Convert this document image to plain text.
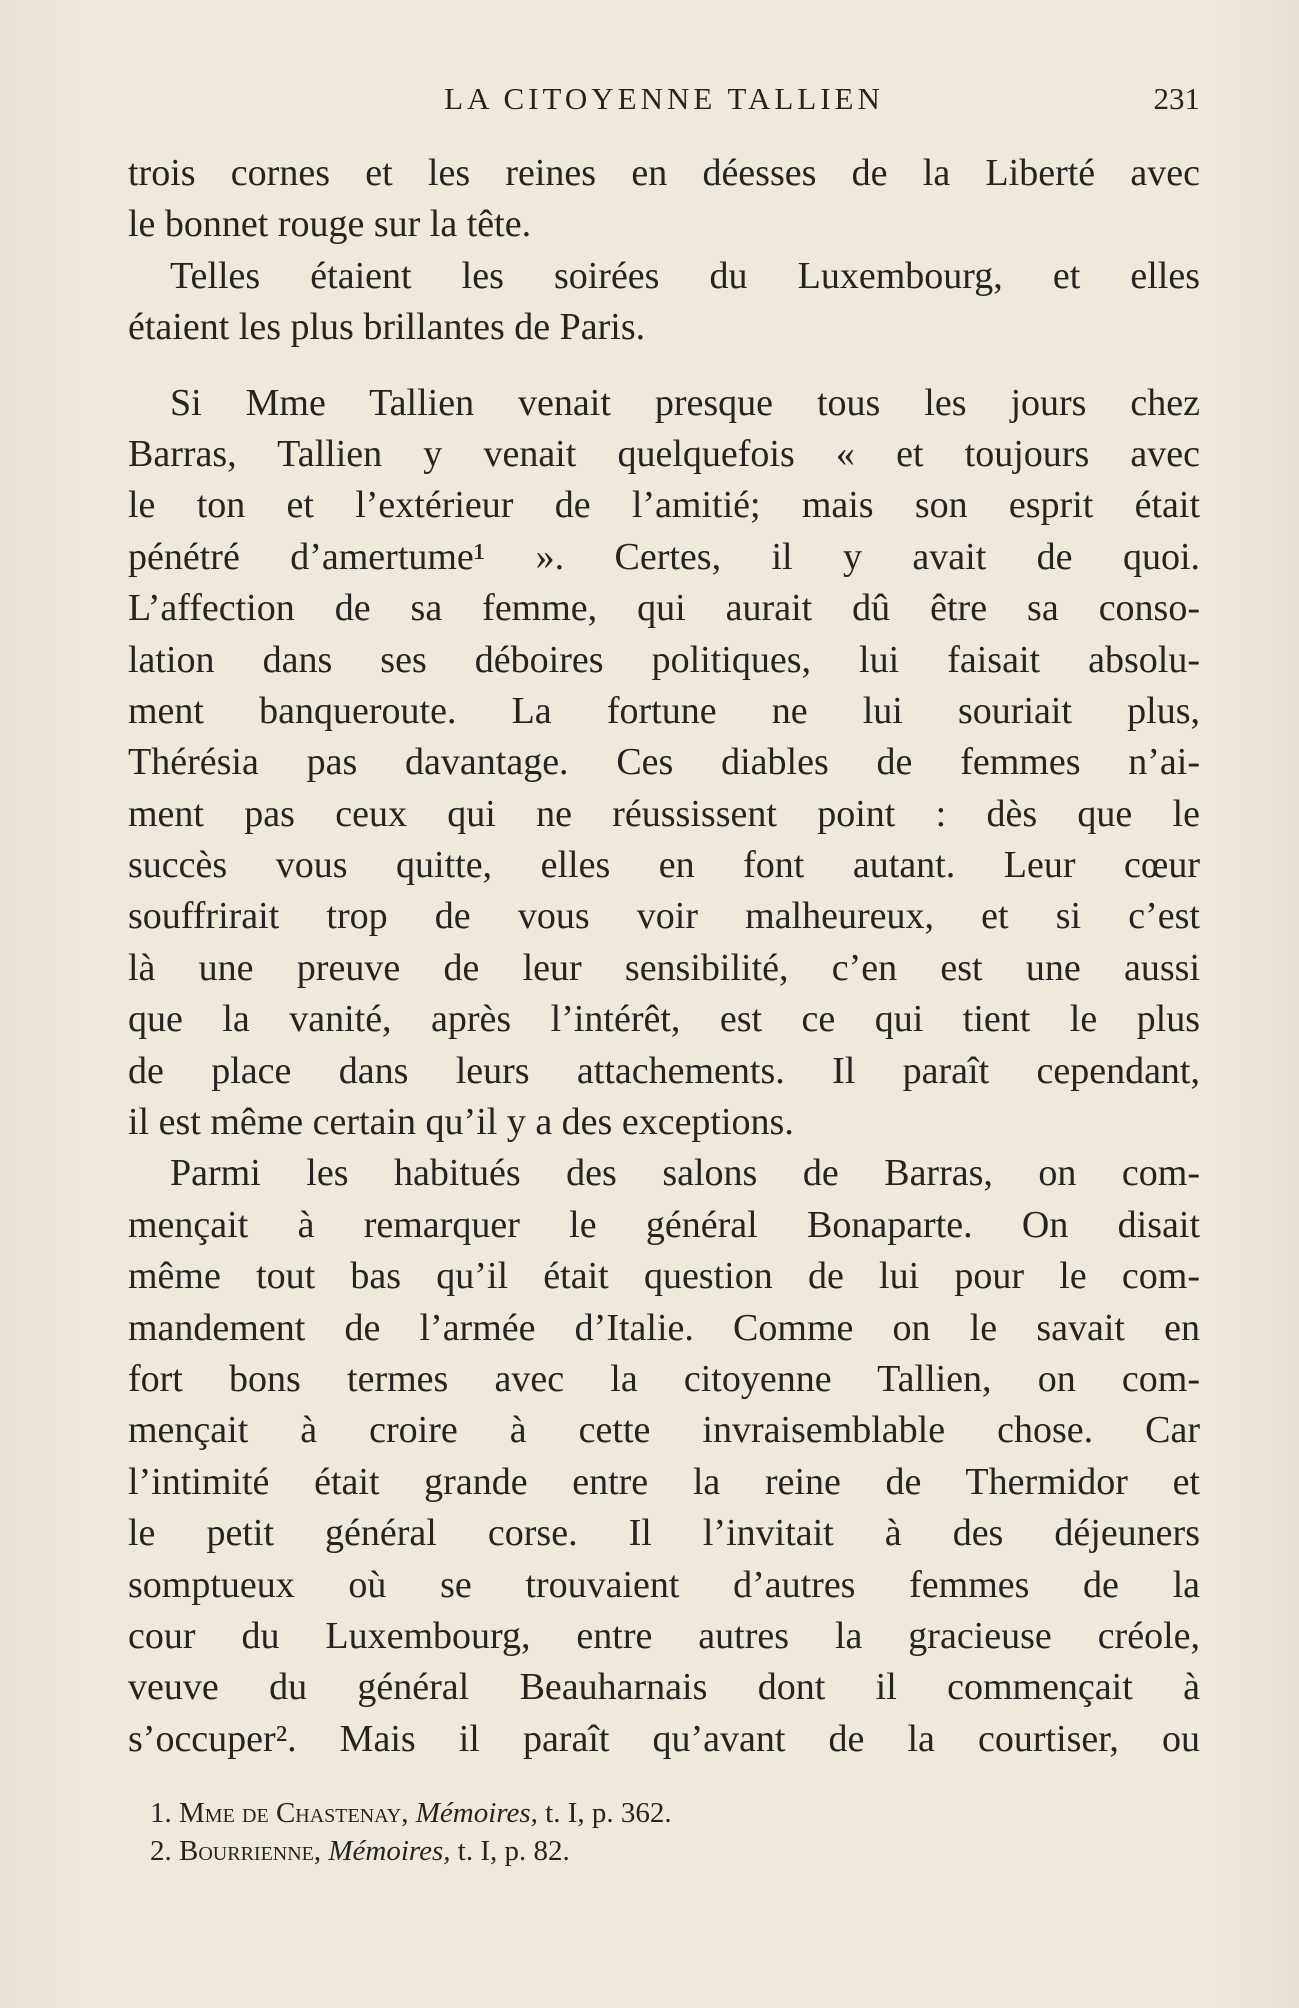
LA CITOYENNE TALLIEN	231
trois cornes et les reines en déesses de la Liberté avec
le bonnet rouge sur la tête.
Telles étaient les soirées du Luxembourg, et elles
étaient les plus brillantes de Paris.
Si Mme Tallien venait presque tous les jours chez
Barras, Tallien y venait quelquefois « et toujours avec
le ton et l’extérieur de l’amitié; mais son esprit était
pénétré d’amertume¹ ». Certes, il y avait de quoi.
L’affection de sa femme, qui aurait dû être sa conso-
lation dans ses déboires politiques, lui faisait absolu-
ment banqueroute. La fortune ne lui souriait plus,
Thérésia pas davantage. Ces diables de femmes n’ai-
ment pas ceux qui ne réussissent point : dès que le
succès vous quitte, elles en font autant. Leur cœur
souffrirait trop de vous voir malheureux, et si c’est
là une preuve de leur sensibilité, c’en est une aussi
que la vanité, après l’intérêt, est ce qui tient le plus
de place dans leurs attachements. Il paraît cependant,
il est même certain qu’il y a des exceptions.
Parmi les habitués des salons de Barras, on com-
mençait à remarquer le général Bonaparte. On disait
même tout bas qu’il était question de lui pour le com-
mandement de l’armée d’Italie. Comme on le savait en
fort bons termes avec la citoyenne Tallien, on com-
mençait à croire à cette invraisemblable chose. Car
l’intimité était grande entre la reine de Thermidor et
le petit général corse. Il l’invitait à des déjeuners
somptueux où se trouvaient d’autres femmes de la
cour du Luxembourg, entre autres la gracieuse créole,
veuve du général Beauharnais dont il commençait à
s’occuper². Mais il paraît qu’avant de la courtiser, ou
1. Mme de Chastenay, Mémoires, t. I, p. 362.
2. Bourrienne, Mémoires, t. I, p. 82.
